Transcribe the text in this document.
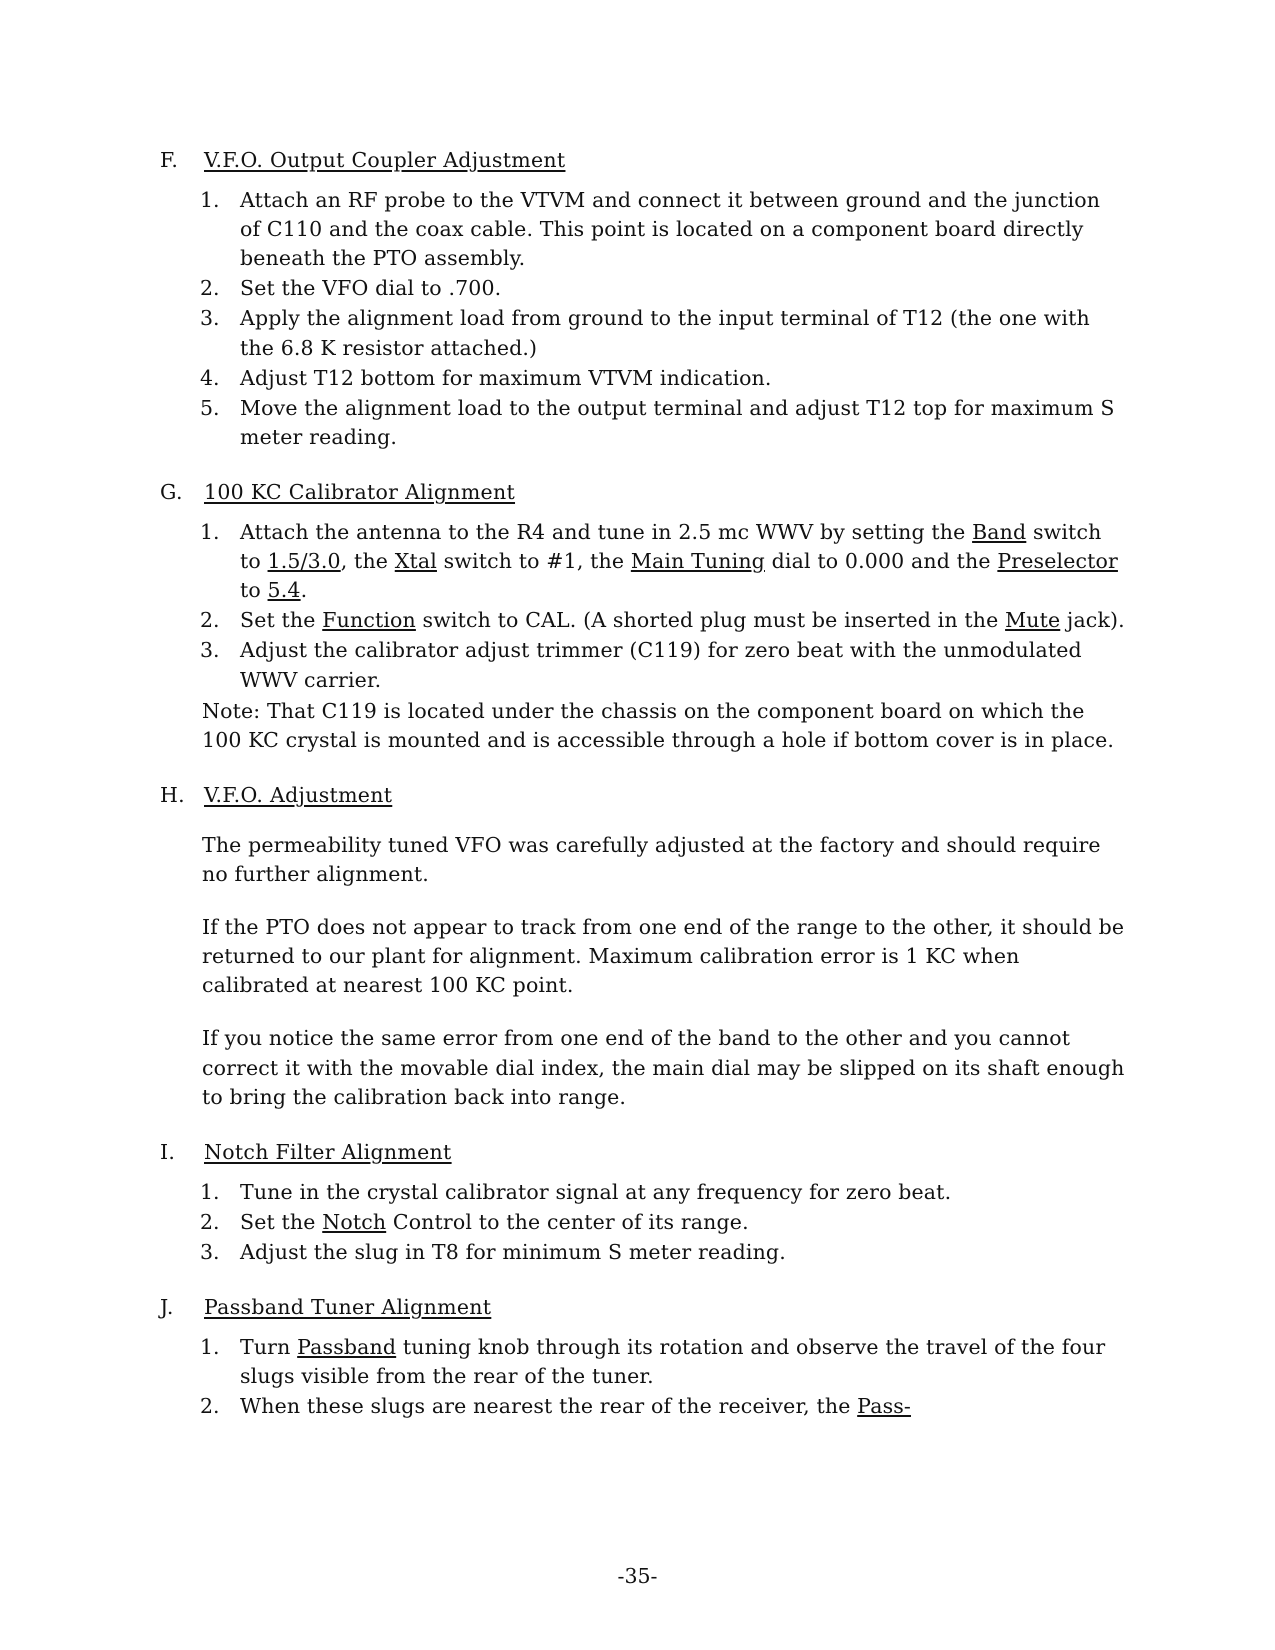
F.	V.F.O. Output Coupler Adjustment
1. Attach an RF probe to the VTVM and connect it between ground and the junction of C110 and the coax cable. This point is located on a component board directly beneath the PTO assembly.
2. Set the VFO dial to .700.
3. Apply the alignment load from ground to the input terminal of T12 (the one with the 6.8 K resistor attached.)
4. Adjust T12 bottom for maximum VTVM indication.
5. Move the alignment load to the output terminal and adjust T12 top for maximum S meter reading.
G.	100 KC Calibrator Alignment
1. Attach the antenna to the R4 and tune in 2.5 mc WWV by setting the Band switch to 1.5/3.0, the Xtal switch to #1, the Main Tuning dial to 0.000 and the Preselector to 5.4.
2. Set the Function switch to CAL. (A shorted plug must be inserted in the Mute jack).
3. Adjust the calibrator adjust trimmer (C119) for zero beat with the unmodulated WWV carrier.
Note: That C119 is located under the chassis on the component board on which the 100 KC crystal is mounted and is accessible through a hole if bottom cover is in place.
H. V.F.O. Adjustment
The permeability tuned VFO was carefully adjusted at the factory and should require no further alignment.
If the PTO does not appear to track from one end of the range to the other, it should be returned to our plant for alignment. Maximum calibration error is 1 KC when calibrated at nearest 100 KC point.
If you notice the same error from one end of the band to the other and you cannot correct it with the movable dial index, the main dial may be slipped on its shaft enough to bring the calibration back into range.
I.	Notch Filter Alignment
1. Tune in the crystal calibrator signal at any frequency for zero beat.
2. Set the Notch Control to the center of its range.
3. Adjust the slug in T8 for minimum S meter reading.
J.	Passband Tuner Alignment
1. Turn Passband tuning knob through its rotation and observe the travel of the four slugs visible from the rear of the tuner.
2. When these slugs are nearest the rear of the receiver, the Pass-
-35-
